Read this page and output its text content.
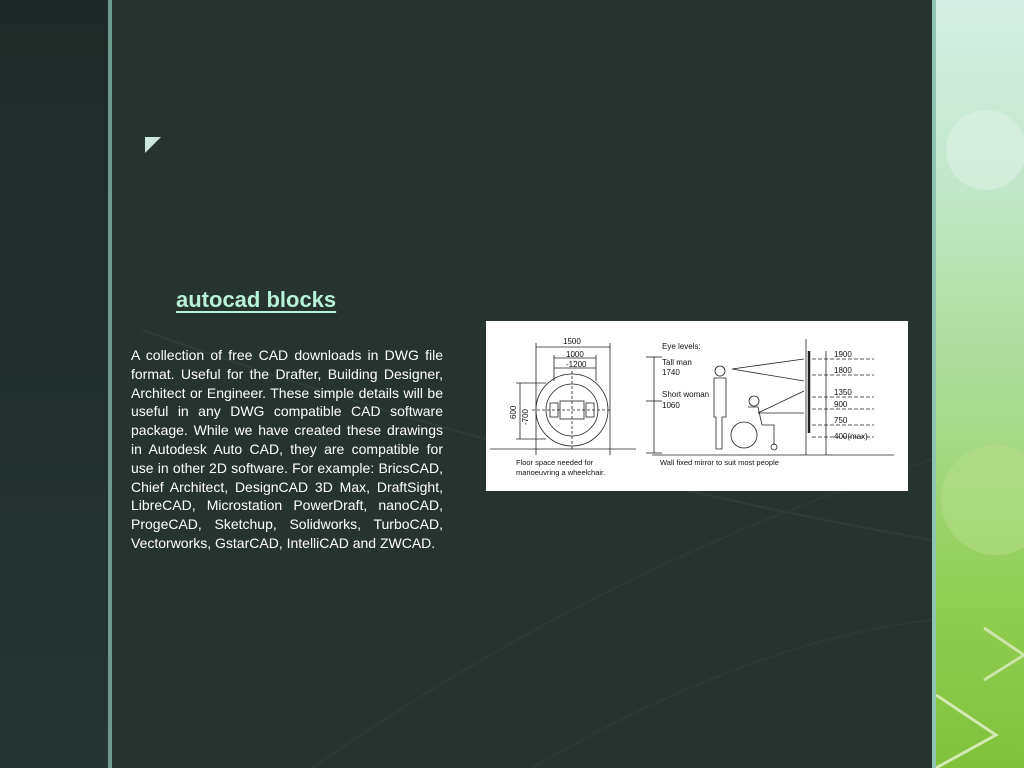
autocad blocks

A collection of free CAD downloads in DWG file format. Useful for the Drafter, Building Designer, Architect or Engineer. These simple details will be useful in any DWG compatible CAD software package. While we have created these drawings in Autodesk Auto CAD, they are compatible for use in other 2D software. For example: BricsCAD, Chief Architect, DesignCAD 3D Max, DraftSight, LibreCAD, Microstation PowerDraft, nanoCAD, ProgeCAD, Sketchup, Solidworks, TurboCAD, Vectorworks, GstarCAD, IntelliCAD and ZWCAD.

1500
1000
-1200
600 -700
Floor space needed for
manoeuvring a wheelchair.
Eye levels:
Tall man
1740
Short woman
1060
1900
1800
1350
900
750
400(max)
Wall fixed mirror to suit most people
